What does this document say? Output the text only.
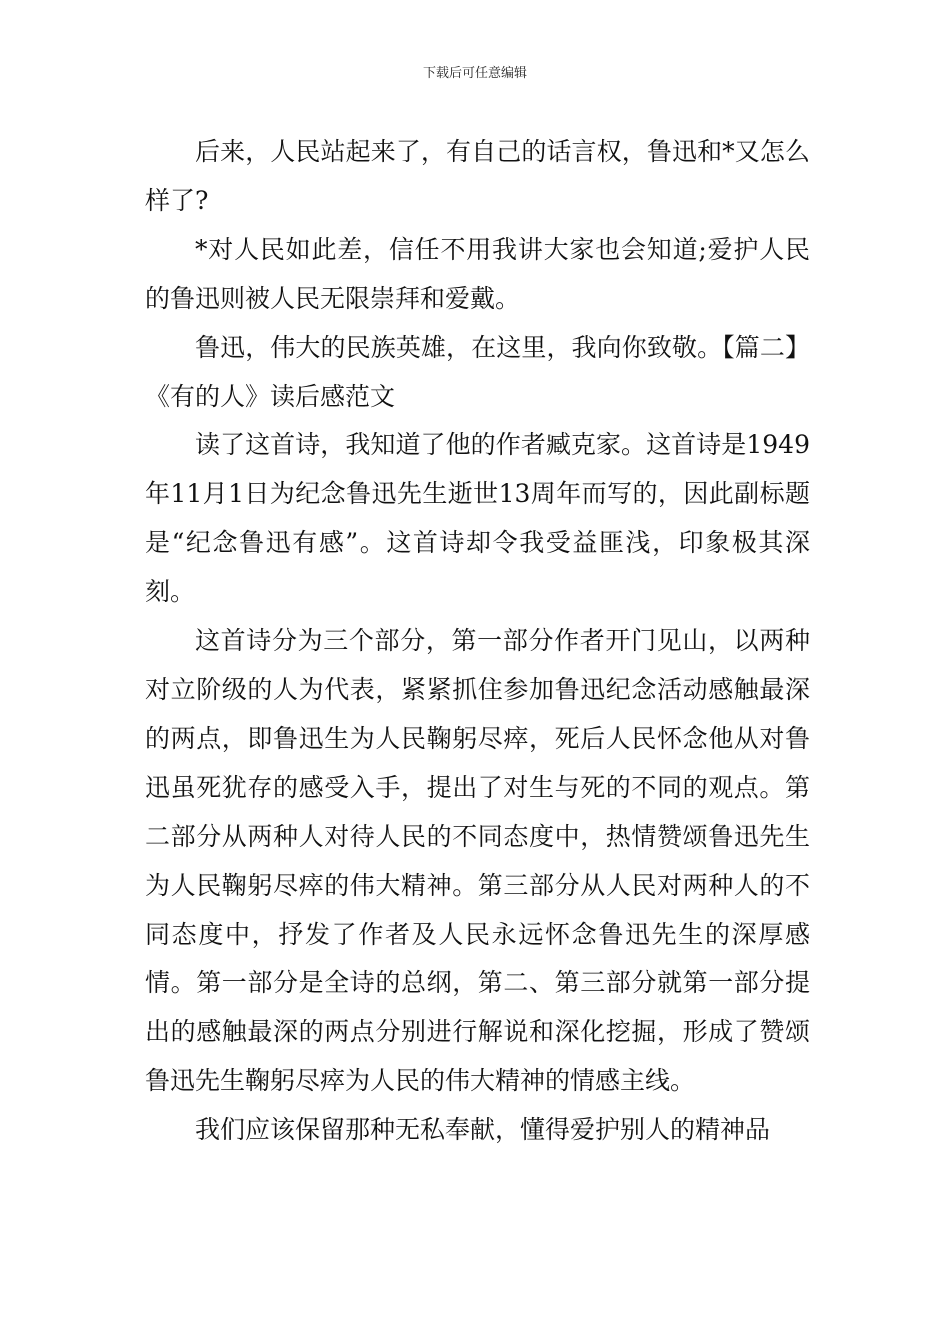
下载后可任意编辑

后来，人民站起来了，有自己的话言权，鲁迅和*又怎么样了?

*对人民如此差，信任不用我讲大家也会知道;爱护人民的鲁迅则被人民无限崇拜和爱戴。

鲁迅，伟大的民族英雄，在这里，我向你致敬。【篇二】《有的人》读后感范文

读了这首诗，我知道了他的作者臧克家。这首诗是1949年11月1日为纪念鲁迅先生逝世13周年而写的，因此副标题是“纪念鲁迅有感”。这首诗却令我受益匪浅，印象极其深刻。

这首诗分为三个部分，第一部分作者开门见山，以两种对立阶级的人为代表，紧紧抓住参加鲁迅纪念活动感触最深的两点，即鲁迅生为人民鞠躬尽瘁，死后人民怀念他从对鲁迅虽死犹存的感受入手，提出了对生与死的不同的观点。第二部分从两种人对待人民的不同态度中，热情赞颂鲁迅先生为人民鞠躬尽瘁的伟大精神。第三部分从人民对两种人的不同态度中，抒发了作者及人民永远怀念鲁迅先生的深厚感情。第一部分是全诗的总纲，第二、第三部分就第一部分提出的感触最深的两点分别进行解说和深化挖掘，形成了赞颂鲁迅先生鞠躬尽瘁为人民的伟大精神的情感主线。

我们应该保留那种无私奉献，懂得爱护别人的精神品
